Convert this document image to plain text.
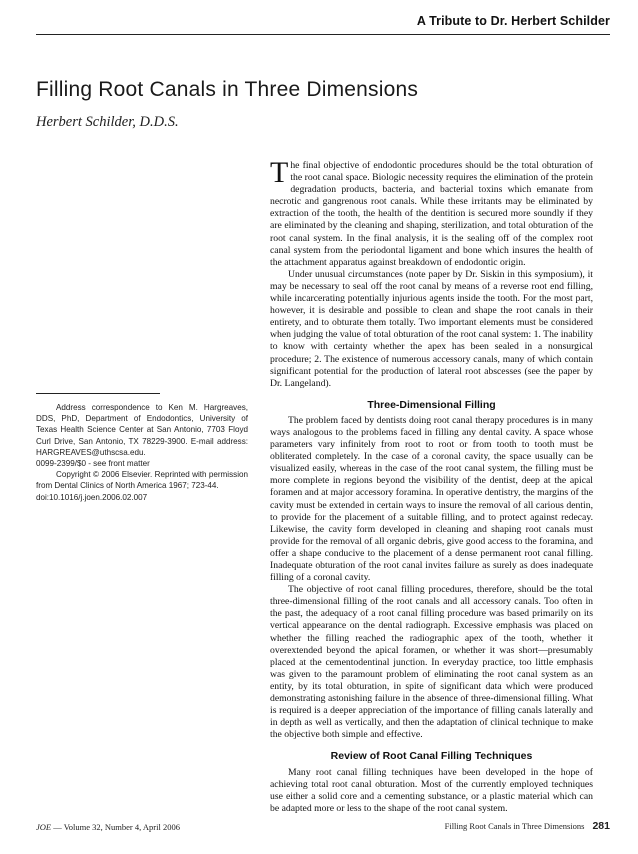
A Tribute to Dr. Herbert Schilder
Filling Root Canals in Three Dimensions
Herbert Schilder, D.D.S.

Address correspondence to Ken M. Hargreaves, DDS, PhD, Department of Endodontics, University of Texas Health Science Center at San Antonio, 7703 Floyd Curl Drive, San Antonio, TX 78229-3900. E-mail address: HARGREAVES@uthscsa.edu.

0099-2399/$0 - see front matter

Copyright © 2006 Elsevier. Reprinted with permission from Dental Clinics of North America 1967; 723-44.

doi:10.1016/j.joen.2006.02.007

The final objective of endodontic procedures should be the total obturation of the root canal space. Biologic necessity requires the elimination of the protein degradation products, bacteria, and bacterial toxins which emanate from necrotic and gangrenous root canals. While these irritants may be eliminated by extraction of the tooth, the health of the dentition is secured more soundly if they are eliminated by the cleaning and shaping, sterilization, and total obturation of the root canal system. In the final analysis, it is the sealing off of the complex root canal system from the periodontal ligament and bone which insures the health of the attachment apparatus against breakdown of endodontic origin.

Under unusual circumstances (note paper by Dr. Siskin in this symposium), it may be necessary to seal off the root canal by means of a reverse root end filling, while incarcerating potentially injurious agents inside the tooth. For the most part, however, it is desirable and possible to clean and shape the root canals in their entirety, and to obturate them totally. Two important elements must be considered when judging the value of total obturation of the root canal system: 1. The inability to know with certainty whether the apex has been sealed in a nonsurgical procedure; 2. The existence of numerous accessory canals, many of which contain significant potential for the production of lateral root abscesses (see the paper by Dr. Langeland).

Three-Dimensional Filling

The problem faced by dentists doing root canal therapy procedures is in many ways analogous to the problems faced in filling any dental cavity. A space whose parameters vary infinitely from root to root or from tooth to tooth must be obliterated completely. In the case of a coronal cavity, the space usually can be visualized easily, whereas in the case of the root canal system, the filling must be more complete in regions beyond the visibility of the dentist, deep at the apical foramen and at major accessory foramina. In operative dentistry, the margins of the cavity must be extended in certain ways to insure the removal of all carious dentin, to provide for the placement of a suitable filling, and to protect against redecay. Likewise, the cavity form developed in cleaning and shaping root canals must provide for the removal of all organic debris, give good access to the foramina, and offer a shape conducive to the placement of a dense permanent root canal filling. Inadequate obturation of the root canal invites failure as surely as does inadequate filling of a coronal cavity.

The objective of root canal filling procedures, therefore, should be the total three-dimensional filling of the root canals and all accessory canals. Too often in the past, the adequacy of a root canal filling procedure was based primarily on its vertical appearance on the dental radiograph. Excessive emphasis was placed on whether the filling reached the radiographic apex of the tooth, whether it overextended beyond the apical foramen, or whether it was short—presumably placed at the cementodentinal junction. In everyday practice, too little emphasis was given to the paramount problem of eliminating the root canal system as an entity, by its total obturation, in spite of significant data which were produced demonstrating astonishing failure in the absence of three-dimensional filling. What is required is a deeper appreciation of the importance of filling canals laterally and in depth as well as vertically, and then the adaptation of clinical technique to make the objective both simple and effective.

Review of Root Canal Filling Techniques

Many root canal filling techniques have been developed in the hope of achieving total root canal obturation. Most of the currently employed techniques use either a solid core and a cementing substance, or a plastic material which can be adapted more or less to the shape of the root canal system.

JOE — Volume 32, Number 4, April 2006	Filling Root Canals in Three Dimensions 281
